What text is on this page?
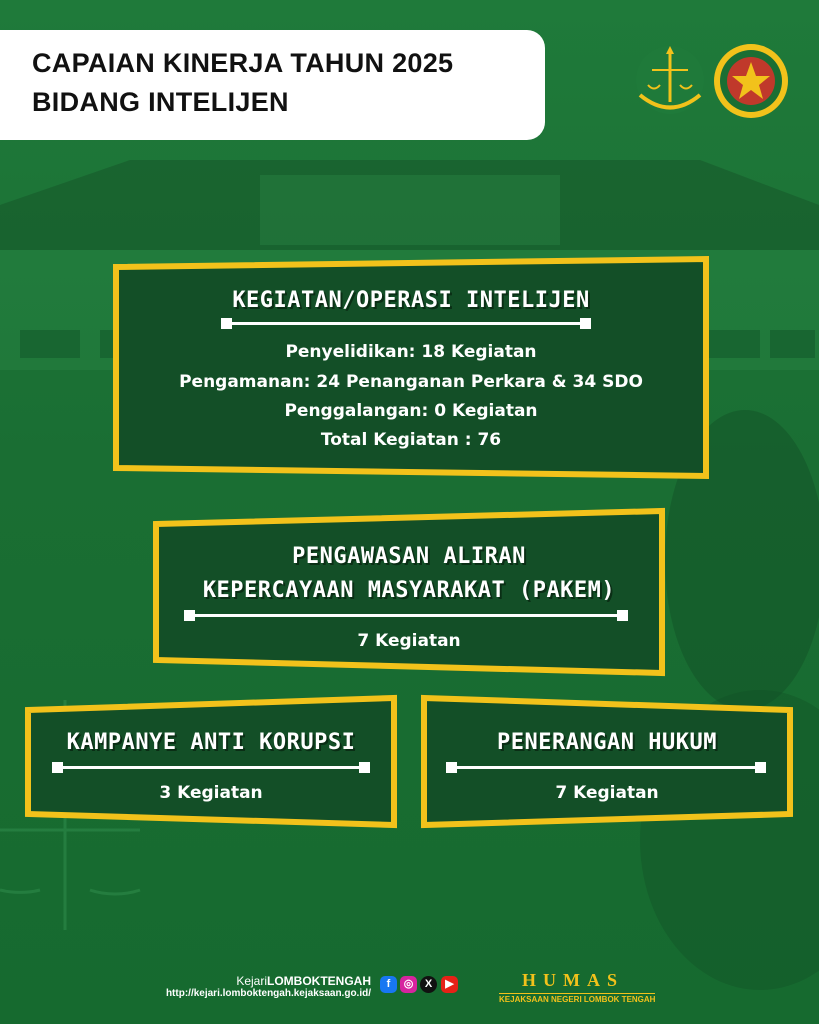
CAPAIAN KINERJA TAHUN 2025
BIDANG INTELIJEN
KEGIATAN/OPERASI INTELIJEN
Penyelidikan: 18 Kegiatan
Pengamanan: 24 Penanganan Perkara & 34 SDO
Penggalangan: 0 Kegiatan
Total Kegiatan : 76
PENGAWASAN ALIRAN
KEPERCAYAAN MASYARAKAT (PAKEM)
7 Kegiatan
KAMPANYE ANTI KORUPSI
3 Kegiatan
PENERANGAN HUKUM
7 Kegiatan
KejariLOMBOKTENGAH
http://kejari.lomboktengah.kejaksaan.go.id/
f	◎	X	▶	HUMAS
KEJAKSAAN NEGERI LOMBOK TENGAH
